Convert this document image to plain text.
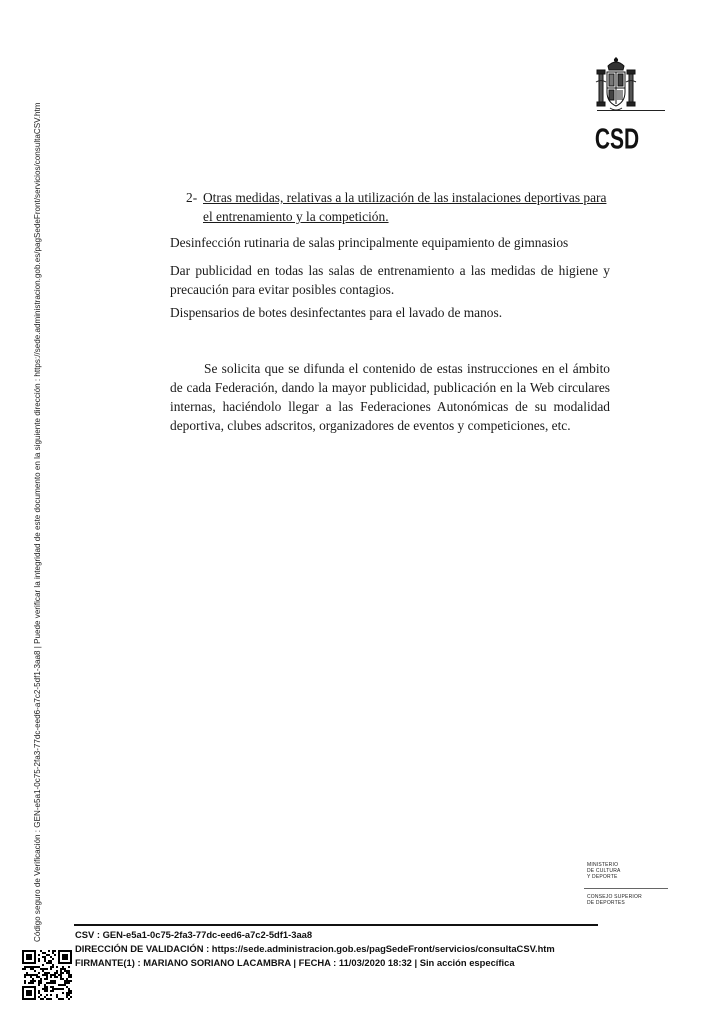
Código seguro de Verificación : GEN-e5a1-0c75-2fa3-77dc-eed6-a7c2-5df1-3aa8 | Puede verificar la integridad de este documento en la siguiente dirección : https://sede.administracion.gob.es/pagSedeFront/servicios/consultaCSV.htm	CSD
2- Otras medidas, relativas a la utilización de las instalaciones deportivas para el entrenamiento y la competición.
Desinfección rutinaria de salas principalmente equipamiento de gimnasios
Dar publicidad en todas las salas de entrenamiento a las medidas de higiene y precaución para evitar posibles contagios.
Dispensarios de botes desinfectantes para el lavado de manos.
Se solicita que se difunda el contenido de estas instrucciones en el ámbito de cada Federación, dando la mayor publicidad, publicación en la Web circulares internas, haciéndolo llegar a las Federaciones Autonómicas de su modalidad deportiva, clubes adscritos, organizadores de eventos y competiciones, etc.
MINISTERIO
DE CULTURA
Y DEPORTE
CONSEJO SUPERIOR
DE DEPORTES
CSV : GEN-e5a1-0c75-2fa3-77dc-eed6-a7c2-5df1-3aa8
DIRECCIÓN DE VALIDACIÓN : https://sede.administracion.gob.es/pagSedeFront/servicios/consultaCSV.htm
FIRMANTE(1) : MARIANO SORIANO LACAMBRA | FECHA : 11/03/2020 18:32 | Sin acción específica
